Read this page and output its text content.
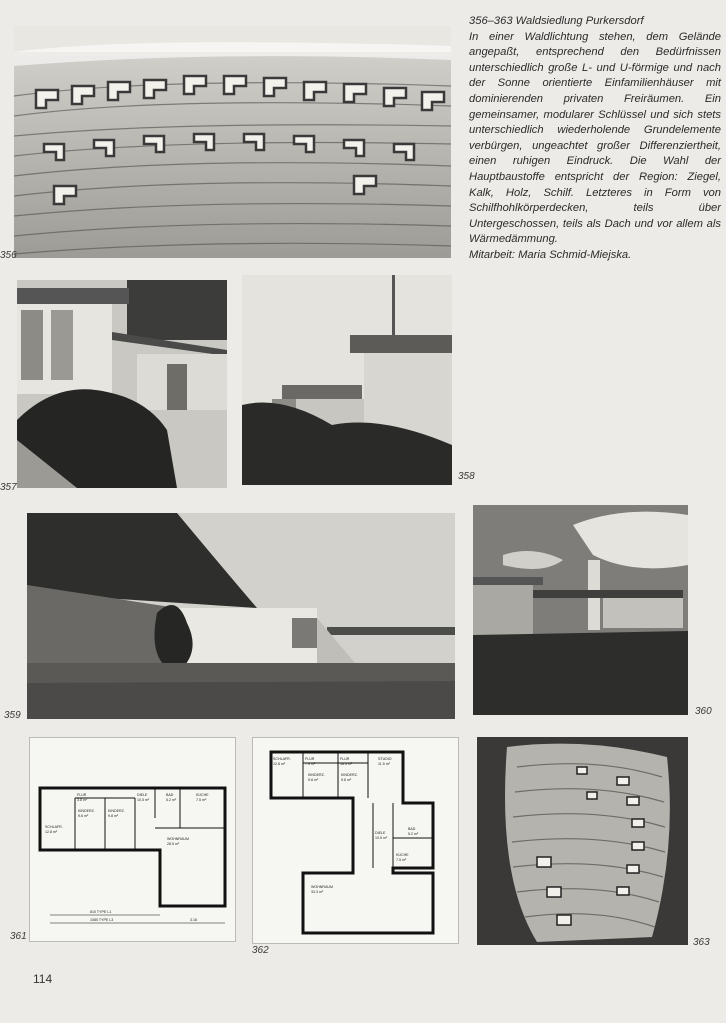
356
356–363 Waldsiedlung Purkersdorf
In einer Waldlichtung stehen, dem Gelände angepaßt, entsprechend den Bedürfnissen unterschiedlich große L- und U-förmige und nach der Sonne orientierte Einfamilienhäuser mit dominierenden privaten Freiräumen. Ein gemeinsamer, modularer Schlüssel und sich stets unterschiedlich wiederholende Grundelemente verbürgen, ungeachtet großer Differenziertheit, einen ruhigen Eindruck. Die Wahl der Hauptbaustoffe entspricht der Region: Ziegel, Kalk, Holz, Schilf. Letzteres in Form von Schilfhohlkörperdecken, teils über Untergeschossen, teils als Dach und vor allem als Wärmedämmung.
Mitarbeit: Maria Schmid-Miejska.
357
358
359	360
SCHLAFR.
12.8 m²
FLUR
3.8 m²
KINDERZ.
9.6 m²
KINDERZ.
9.8 m²
DIELE
10.5 m²
BAD
5.2 m²
KÜCHE
7.5 m²
WOHNRAUM
28.5 m²
810 TYPE L1
1080 TYPE L3	3.16
361
SCHLAFR.
12.8 m²
FLUR
7.9 m²
FLUR
16.5 m²
KINDERZ.
9.8 m²
KINDERZ.
9.6 m²
STUDIO
11.5 m²
DIELE
10.5 m²
BAD
5.2 m²
KÜCHE
7.5 m²
WOHNRAUM
33.3 m²
362
363
114
